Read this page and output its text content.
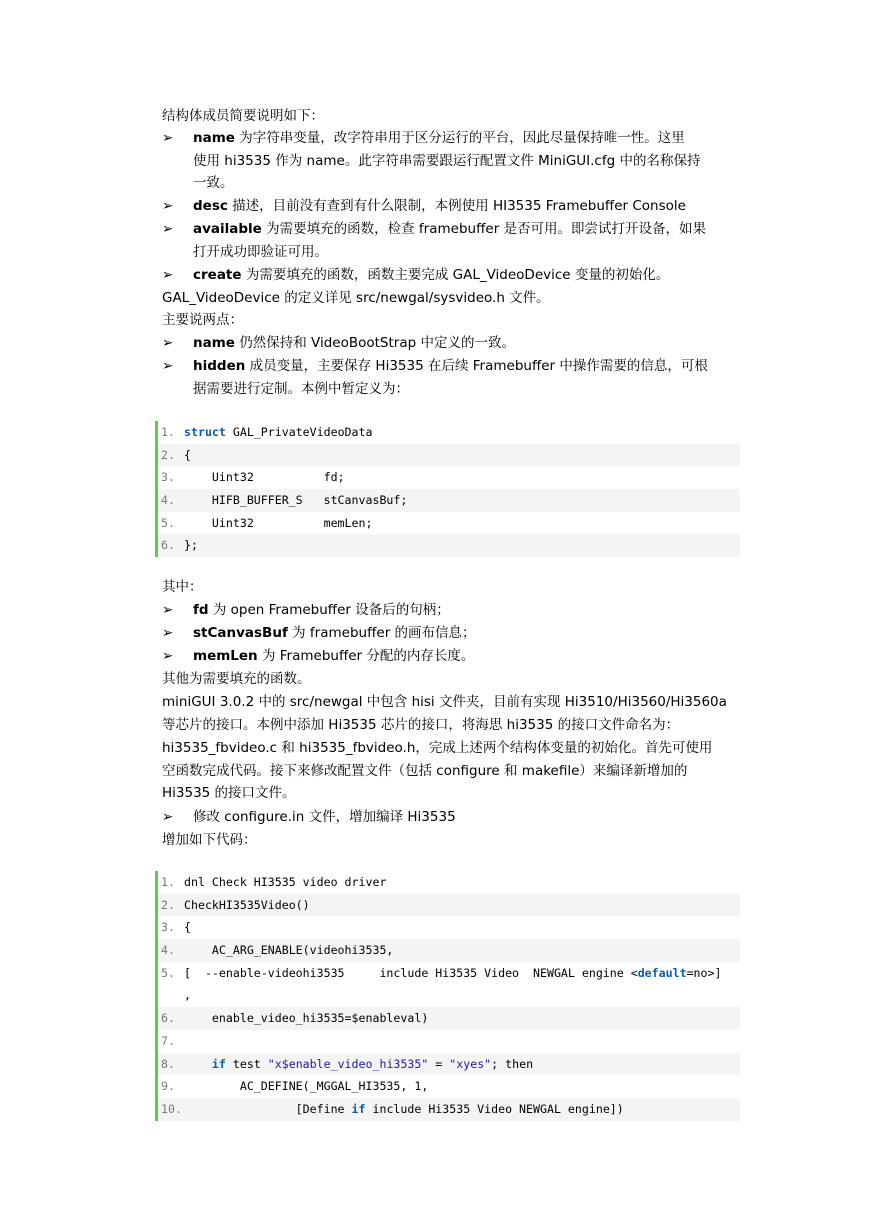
结构体成员简要说明如下：
➢	name 为字符串变量，改字符串用于区分运行的平台，因此尽量保持唯一性。这里
使用 hi3535 作为 name。此字符串需要跟运行配置文件 MiniGUI.cfg 中的名称保持
一致。
➢	desc 描述，目前没有查到有什么限制，本例使用 HI3535 Framebuffer Console
➢	available 为需要填充的函数，检查 framebuffer 是否可用。即尝试打开设备，如果
打开成功即验证可用。
➢	create 为需要填充的函数，函数主要完成 GAL_VideoDevice 变量的初始化。
GAL_VideoDevice 的定义详见 src/newgal/sysvideo.h 文件。
主要说两点：
➢	name 仍然保持和 VideoBootStrap 中定义的一致。
➢	hidden 成员变量，主要保存 Hi3535 在后续 Framebuffer 中操作需要的信息，可根
据需要进行定制。本例中暂定义为：
1. struct GAL_PrivateVideoData
2. {
3. Uint32          fd;
4. HIFB_BUFFER_S   stCanvasBuf;
5. Uint32          memLen;
6. };
其中：
➢	fd 为 open Framebuffer 设备后的句柄；
➢	stCanvasBuf 为 framebuffer 的画布信息；
➢	memLen 为 Framebuffer 分配的内存长度。
其他为需要填充的函数。
miniGUI 3.0.2 中的 src/newgal 中包含 hisi 文件夹，目前有实现 Hi3510/Hi3560/Hi3560a
等芯片的接口。本例中添加 Hi3535 芯片的接口，将海思 hi3535 的接口文件命名为：
hi3535_fbvideo.c 和 hi3535_fbvideo.h，完成上述两个结构体变量的初始化。首先可使用
空函数完成代码。接下来修改配置文件（包括 configure 和 makefile）来编译新增加的
Hi3535 的接口文件。
➢	修改 configure.in 文件，增加编译 Hi3535
增加如下代码：
1. dnl Check HI3535 video driver
2. CheckHI3535Video()
3. {
4. AC_ARG_ENABLE(videohi3535,
5. [  --enable-videohi3535     include Hi3535 Video  NEWGAL engine <default=no>]
,
6. enable_video_hi3535=$enableval)
7.
8.	if test "x$enable_video_hi3535" = "xyes"; then
9. AC_DEFINE(_MGGAL_HI3535, 1,
10. [Define if include Hi3535 Video NEWGAL engine])
